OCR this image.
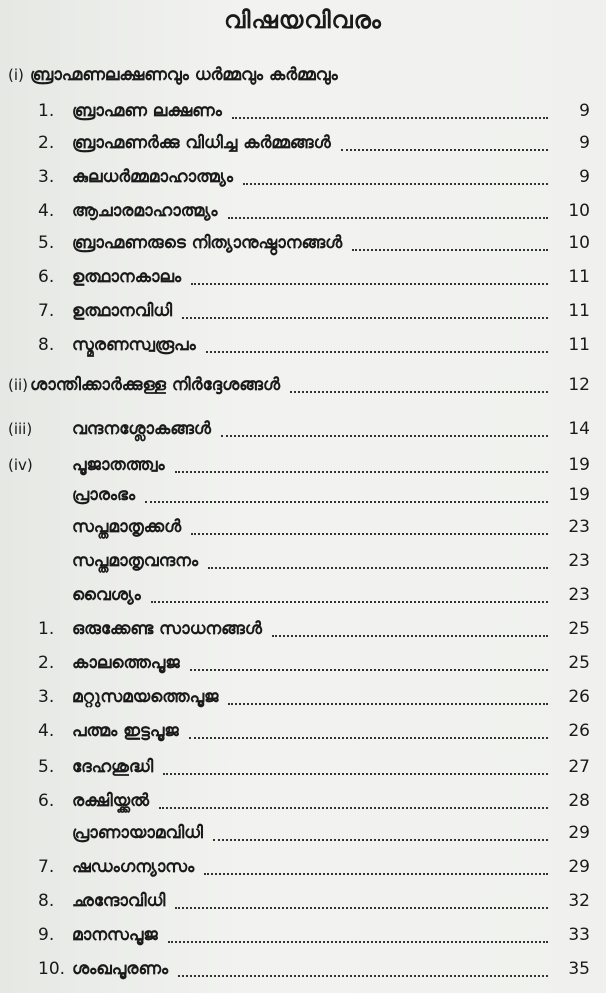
വിഷയവിവരം
(i) ബ്രാഹ്മണലക്ഷണവും ധർമ്മവും കർമ്മവും
1. ബ്രാഹ്മണ ലക്ഷണം	9
2. ബ്രാഹ്മണർക്കു വിധിച്ച കർമ്മങ്ങൾ	9
3. കുലധർമ്മമാഹാത്മ്യം	9
4. ആചാരമാഹാത്മ്യം	10
5. ബ്രാഹ്മണരുടെ നിത്യാനുഷ്ഠാനങ്ങൾ	10
6. ഉത്ഥാനകാലം	11
7. ഉത്ഥാനവിധി	11
8. സ്മരണസ്വരൂപം	11
(ii) ശാന്തിക്കാർക്കുള്ള നിർദ്ദേശങ്ങൾ	12
(iii) വന്ദനശ്ലോകങ്ങൾ	14
(iv) പൂജാതത്ത്വം	19
പ്രാരംഭം	19
സപ്തമാതൃക്കൾ	23
സപ്തമാതൃവന്ദനം	23
വൈശ്യം	23
1. ഒരുക്കേണ്ട സാധനങ്ങൾ	25
2. കാലത്തെപൂജ	25
3. മറ്റുസമയത്തെപൂജ	26
4. പത്മം ഇട്ടപൂജ	26
5. ദേഹശുദ്ധി	27
6. രക്ഷിയ്ക്കൽ	28
പ്രാണായാമവിധി	29
7. ഷഡംഗന്യാസം	29
8. ഛന്ദോവിധി	32
9. മാനസപൂജ	33
10. ശംഖപൂരണം	35
